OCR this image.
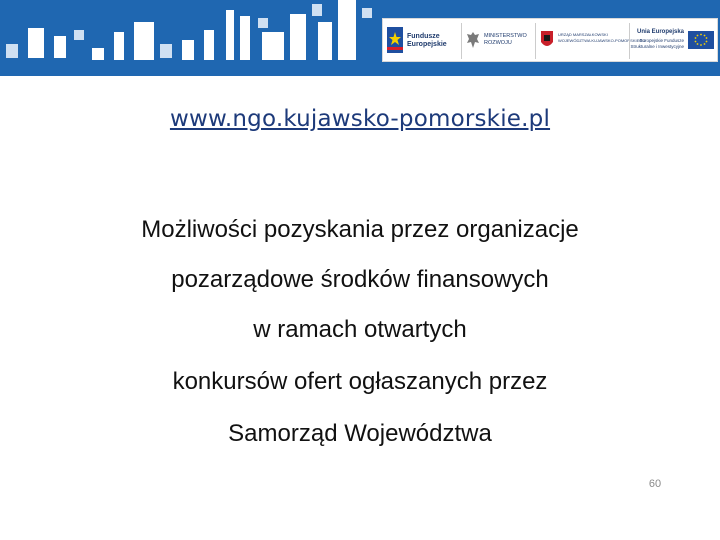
Fundusze
Europejskie
MINISTERSTWO
ROZWOJU
URZĄD MARSZAŁKOWSKI
WOJEWÓDZTWA KUJAWSKO-POMORSKIEGO
Unia Europejska
Europejskie Fundusze
Strukturalne i Inwestycyjne
www.ngo.kujawsko-pomorskie.pl
Możliwości pozyskania przez organizacje
pozarządowe środków finansowych
w ramach otwartych
konkursów ofert ogłaszanych przez
Samorząd Województwa
60
